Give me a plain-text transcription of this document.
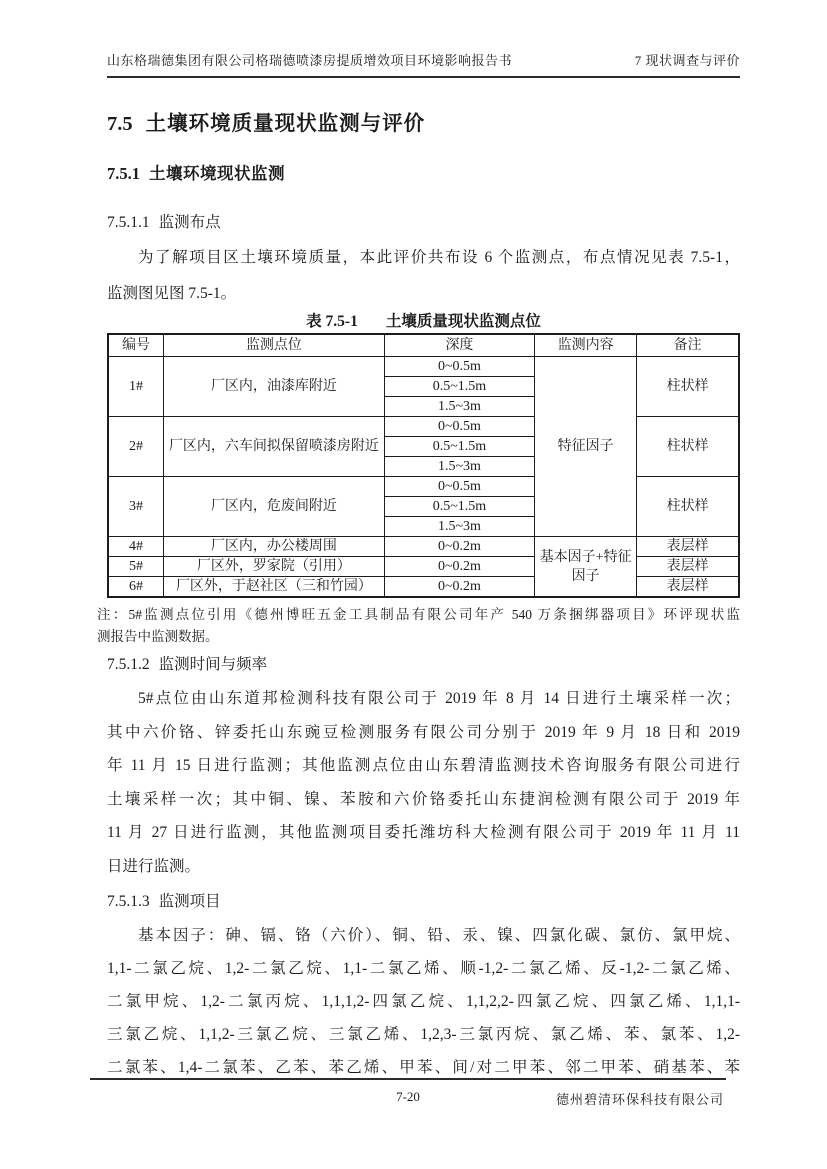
山东格瑞德集团有限公司格瑞德喷漆房提质增效项目环境影响报告书	7 现状调查与评价
7.5 土壤环境质量现状监测与评价
7.5.1 土壤环境现状监测
7.5.1.1 监测布点
为了解项目区土壤环境质量，本此评价共布设 6 个监测点，布点情况见表 7.5-1，
监测图见图 7.5-1。
表 7.5-1 土壤质量现状监测点位
编号	监测点位	深度	监测内容	备注
1#	厂区内，油漆库附近	0~0.5m	特征因子	柱状样
		0.5~1.5m		
		1.5~3m		
2#	厂区内，六车间拟保留喷漆房附近	0~0.5m		柱状样
		0.5~1.5m		
		1.5~3m		
3#	厂区内，危废间附近	0~0.5m		柱状样
		0.5~1.5m		
		1.5~3m		
4#	厂区内，办公楼周围	0~0.2m	基本因子+特征因子	表层样
5#	厂区外，罗家院（引用）	0~0.2m		表层样
6#	厂区外，于赵社区（三和竹园）	0~0.2m		表层样
注：5#监测点位引用《德州博旺五金工具制品有限公司年产 540 万条捆绑器项目》环评现状监
测报告中监测数据。
7.5.1.2 监测时间与频率
5#点位由山东道邦检测科技有限公司于 2019 年 8 月 14 日进行土壤采样一次；
其中六价铬、锌委托山东豌豆检测服务有限公司分别于 2019 年 9 月 18 日和 2019
年 11 月 15 日进行监测；其他监测点位由山东碧清监测技术咨询服务有限公司进行
土壤采样一次；其中铜、镍、苯胺和六价铬委托山东捷润检测有限公司于 2019 年
11 月 27 日进行监测，其他监测项目委托潍坊科大检测有限公司于 2019 年 11 月 11
日进行监测。
7.5.1.3 监测项目
基本因子：砷、镉、铬（六价）、铜、铅、汞、镍、四氯化碳、氯仿、氯甲烷、
1,1-二氯乙烷、1,2-二氯乙烷、1,1-二氯乙烯、顺-1,2-二氯乙烯、反-1,2-二氯乙烯、
二氯甲烷、1,2-二氯丙烷、1,1,1,2-四氯乙烷、1,1,2,2-四氯乙烷、四氯乙烯、1,1,1-
三氯乙烷、1,1,2-三氯乙烷、三氯乙烯、1,2,3-三氯丙烷、氯乙烯、苯、氯苯、1,2-
二氯苯、1,4-二氯苯、乙苯、苯乙烯、甲苯、间/对二甲苯、邻二甲苯、硝基苯、苯
7-20	德州碧清环保科技有限公司
